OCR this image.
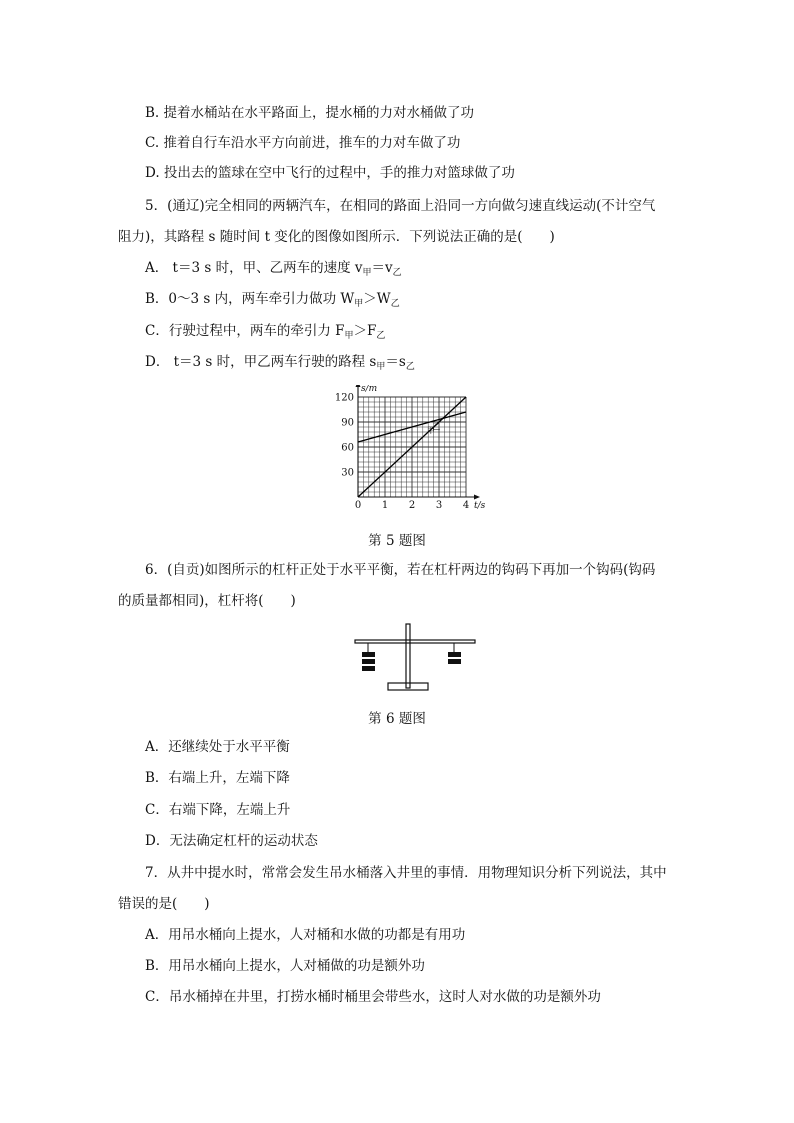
B. 提着水桶站在水平路面上，提水桶的力对水桶做了功
C. 推着自行车沿水平方向前进，推车的力对车做了功
D. 投出去的篮球在空中飞行的过程中，手的推力对篮球做了功
5．(通辽)完全相同的两辆汽车，在相同的路面上沿同一方向做匀速直线运动(不计空气
阻力)，其路程 s 随时间 t 变化的图像如图所示．下列说法正确的是(　　)
A． t＝3 s 时，甲、乙两车的速度 $v_甲=v_乙$
B．0～3 s 内，两车牵引力做功 $W_甲>W_乙$
C．行驶过程中，两车的牵引力 $F_甲>F_乙$
D． t＝3 s 时，甲乙两车行驶的路程 $s_甲=s_乙$
0 1 2 3 4
30
60
90
120
s/m
t/s
甲
乙
第 5 题图
6．(自贡)如图所示的杠杆正处于水平平衡，若在杠杆两边的钩码下再加一个钩码(钩码
的质量都相同)，杠杆将(　　)
第 6 题图
A．还继续处于水平平衡
B．右端上升，左端下降
C．右端下降，左端上升
D．无法确定杠杆的运动状态
7．从井中提水时，常常会发生吊水桶落入井里的事情．用物理知识分析下列说法，其中
错误的是(　　)
A．用吊水桶向上提水，人对桶和水做的功都是有用功
B．用吊水桶向上提水，人对桶做的功是额外功
C．吊水桶掉在井里，打捞水桶时桶里会带些水，这时人对水做的功是额外功
